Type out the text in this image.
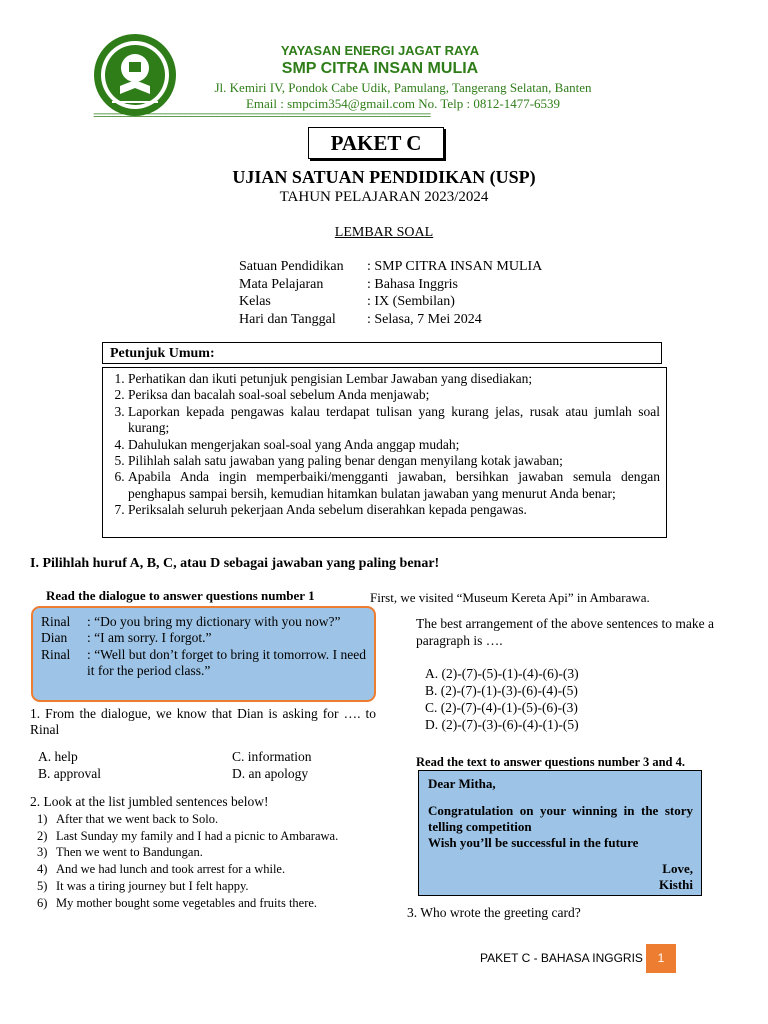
YAYASAN ENERGI JAGAT RAYA
SMP CITRA INSAN MULIA
Jl. Kemiri IV, Pondok Cabe Udik, Pamulang, Tangerang Selatan, Banten
Email : smpcim354@gmail.com No. Telp : 0812-1477-6539
==================================================================
PAKET C
UJIAN SATUAN PENDIDIKAN (USP)
TAHUN PELAJARAN 2023/2024
LEMBAR SOAL
Satuan Pendidikan	: SMP CITRA INSAN MULIA
Mata Pelajaran	: Bahasa Inggris
Kelas	: IX (Sembilan)
Hari dan Tanggal	: Selasa, 7 Mei 2024
Petunjuk Umum:
1. Perhatikan dan ikuti petunjuk pengisian Lembar Jawaban yang disediakan;
2. Periksa dan bacalah soal-soal sebelum Anda menjawab;
3. Laporkan kepada pengawas kalau terdapat tulisan yang kurang jelas, rusak atau jumlah soal kurang;
4. Dahulukan mengerjakan soal-soal yang Anda anggap mudah;
5. Pilihlah salah satu jawaban yang paling benar dengan menyilang kotak jawaban;
6. Apabila Anda ingin memperbaiki/mengganti jawaban, bersihkan jawaban semula dengan penghapus sampai bersih, kemudian hitamkan bulatan jawaban yang menurut Anda benar;
7. Periksalah seluruh pekerjaan Anda sebelum diserahkan kepada pengawas.
I. Pilihlah huruf A, B, C, atau D sebagai jawaban yang paling benar!
Read the dialogue to answer questions number 1
Rinal	: “Do you bring my dictionary with you now?”
Dian	: “I am sorry. I forgot.”
Rinal	: “Well but don’t forget to bring it tomorrow. I need it for the period class.”
1. From the dialogue, we know that Dian is asking for …. to Rinal
A. help
B. approval
C. information
D. an apology
2. Look at the list jumbled sentences below!
1) After that we went back to Solo.
2) Last Sunday my family and I had a picnic to Ambarawa.
3) Then we went to Bandungan.
4) And we had lunch and took arrest for a while.
5) It was a tiring journey but I felt happy.
6) My mother bought some vegetables and fruits there.
First, we visited “Museum Kereta Api” in Ambarawa.
The best arrangement of the above sentences to make a paragraph is ….
A. (2)-(7)-(5)-(1)-(4)-(6)-(3)
B. (2)-(7)-(1)-(3)-(6)-(4)-(5)
C. (2)-(7)-(4)-(1)-(5)-(6)-(3)
D. (2)-(7)-(3)-(6)-(4)-(1)-(5)
Read the text to answer questions number 3 and 4.
Dear Mitha,
Congratulation on your winning in the story telling competition
Wish you’ll be successful in the future
Love,
Kisthi
3. Who wrote the greeting card?
PAKET C - BAHASA INGGRIS	1
